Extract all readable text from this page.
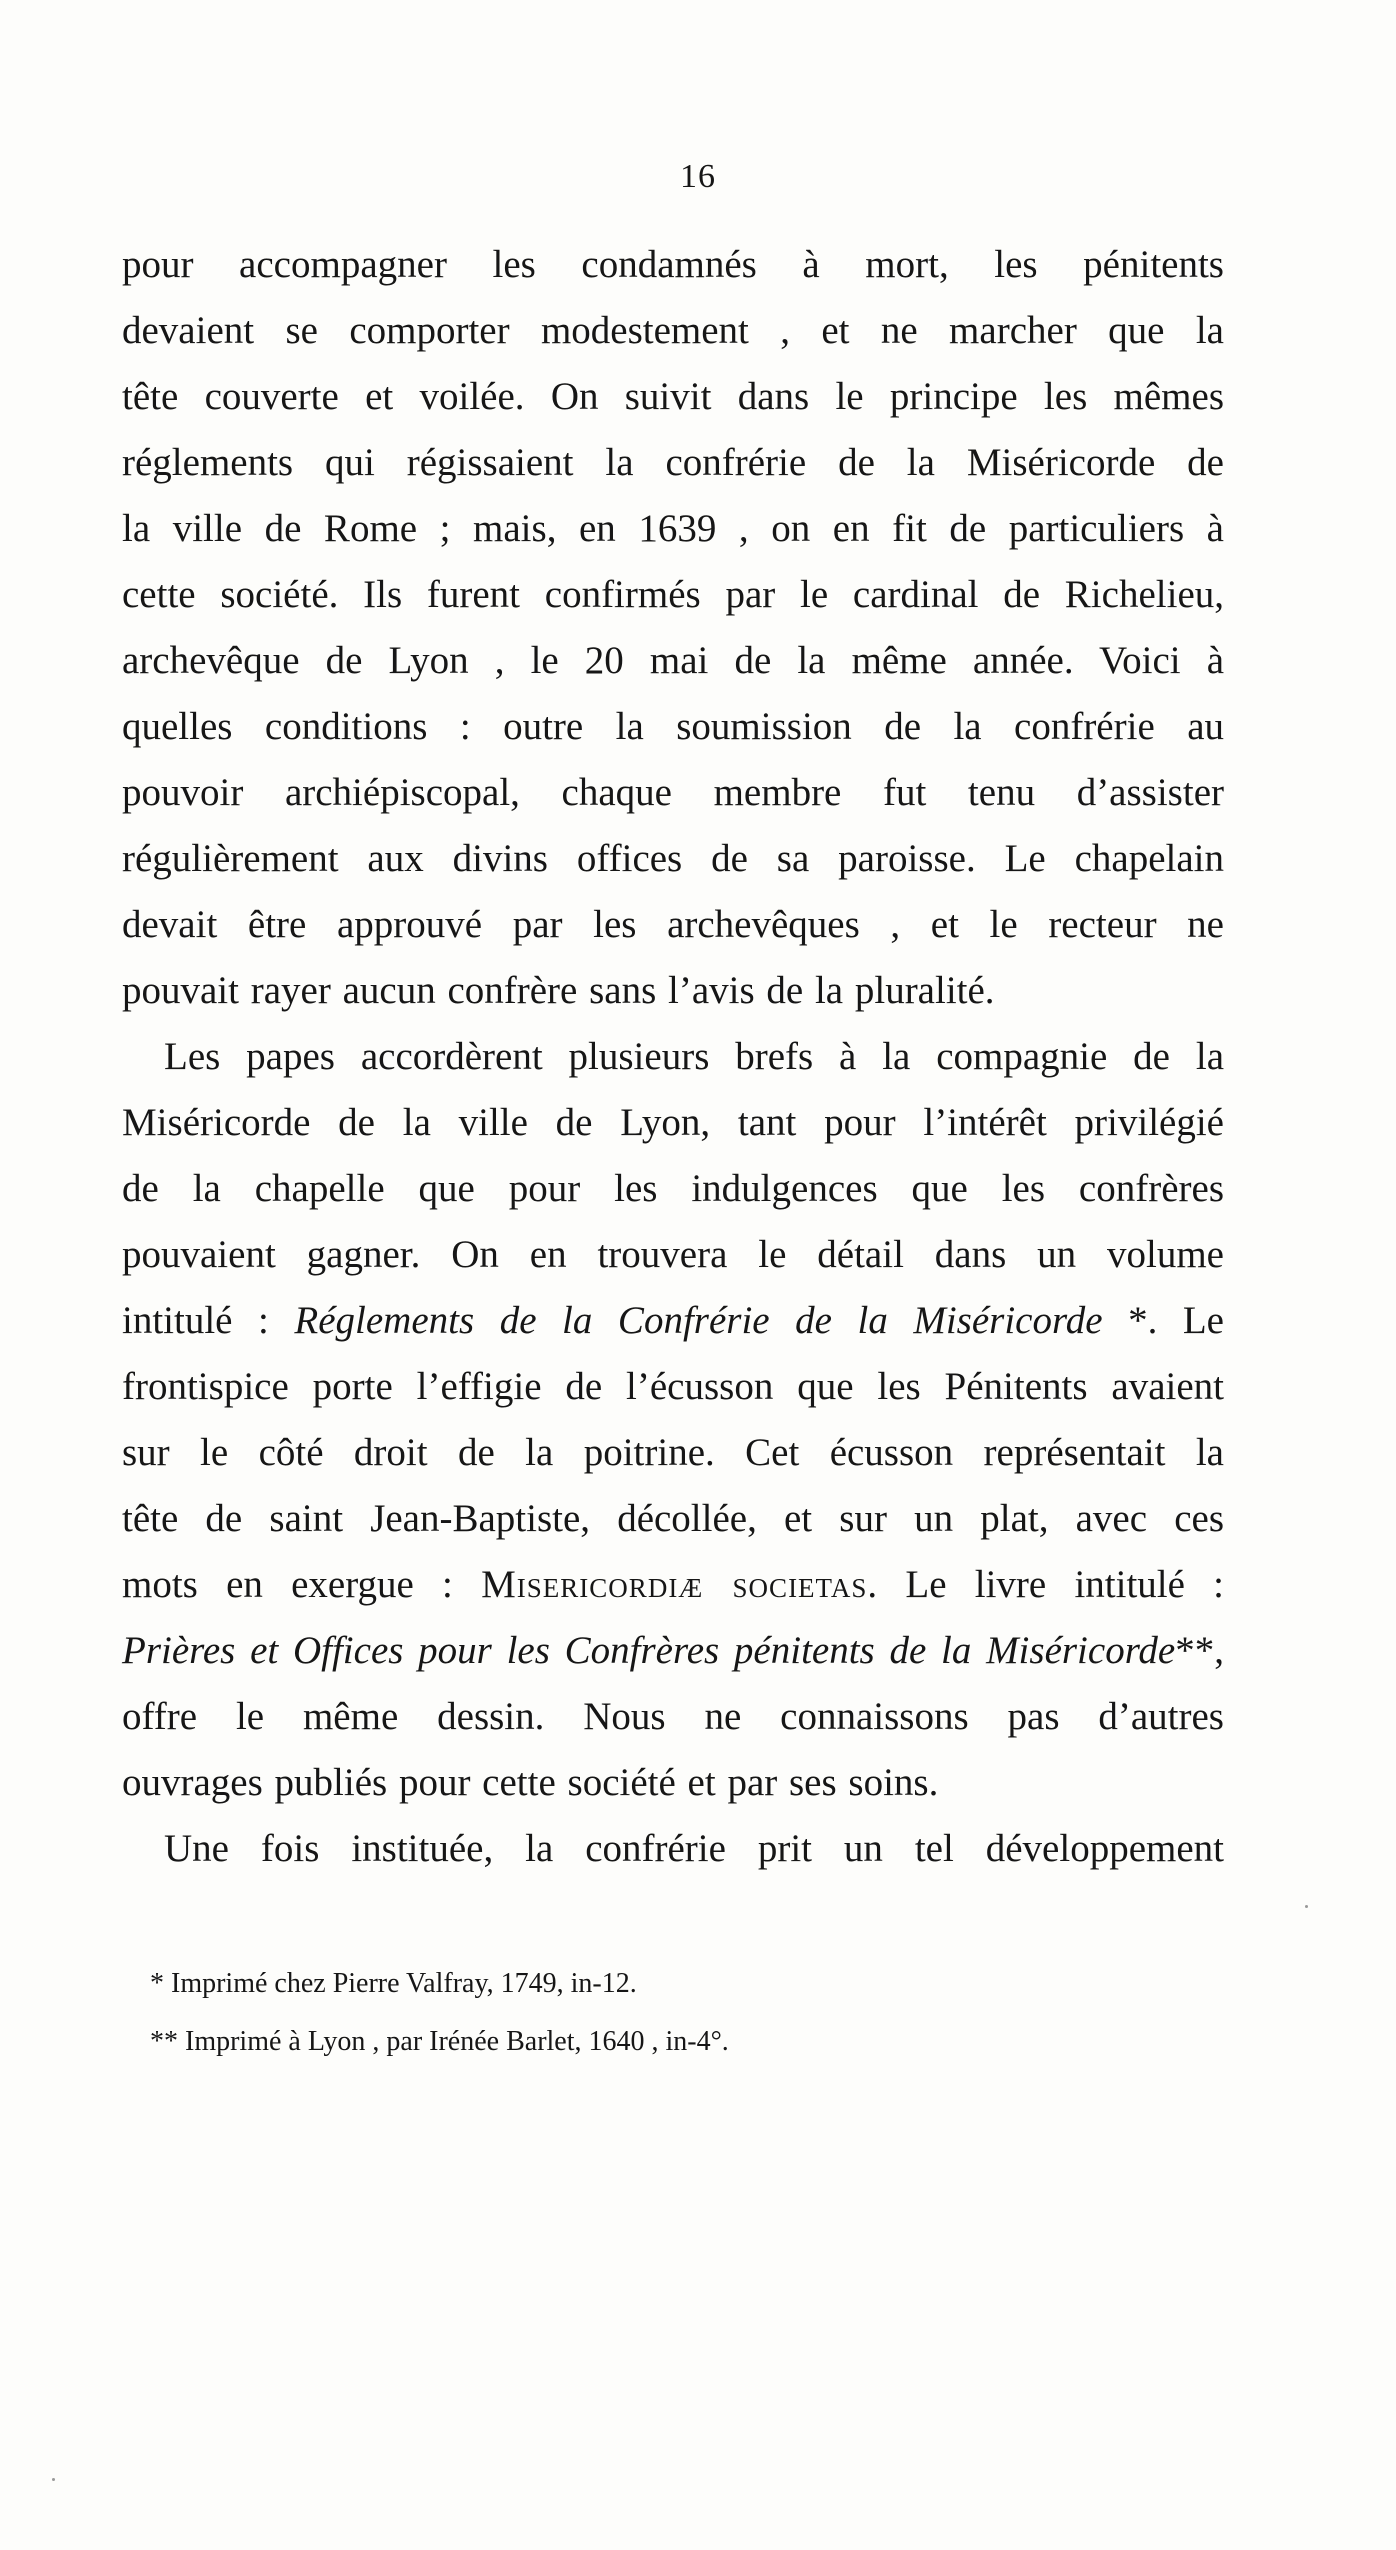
16
pour accompagner les condamnés à mort, les pénitents
devaient se comporter modestement , et ne marcher que la
tête couverte et voilée. On suivit dans le principe les mêmes
réglements qui régissaient la confrérie de la Miséricorde de
la ville de Rome ; mais, en 1639 , on en fit de particuliers à
cette société. Ils furent confirmés par le cardinal de Richelieu,
archevêque de Lyon , le 20 mai de la même année. Voici à
quelles conditions : outre la soumission de la confrérie au
pouvoir archiépiscopal, chaque membre fut tenu d’assister
régulièrement aux divins offices de sa paroisse. Le chapelain
devait être approuvé par les archevêques , et le recteur ne
pouvait rayer aucun confrère sans l’avis de la pluralité.
Les papes accordèrent plusieurs brefs à la compagnie de la
Miséricorde de la ville de Lyon, tant pour l’intérêt privilégié
de la chapelle que pour les indulgences que les confrères
pouvaient gagner. On en trouvera le détail dans un volume
intitulé : Réglements de la Confrérie de la Miséricorde *. Le
frontispice porte l’effigie de l’écusson que les Pénitents avaient
sur le côté droit de la poitrine. Cet écusson représentait la
tête de saint Jean-Baptiste, décollée, et sur un plat, avec ces
mots en exergue : Misericordiæ societas. Le livre intitulé :
Prières et Offices pour les Confrères pénitents de la Miséricorde**,
offre le même dessin. Nous ne connaissons pas d’autres
ouvrages publiés pour cette société et par ses soins.
Une fois instituée, la confrérie prit un tel développement
* Imprimé chez Pierre Valfray, 1749, in-12.
** Imprimé à Lyon , par Irénée Barlet, 1640 , in-4°.
